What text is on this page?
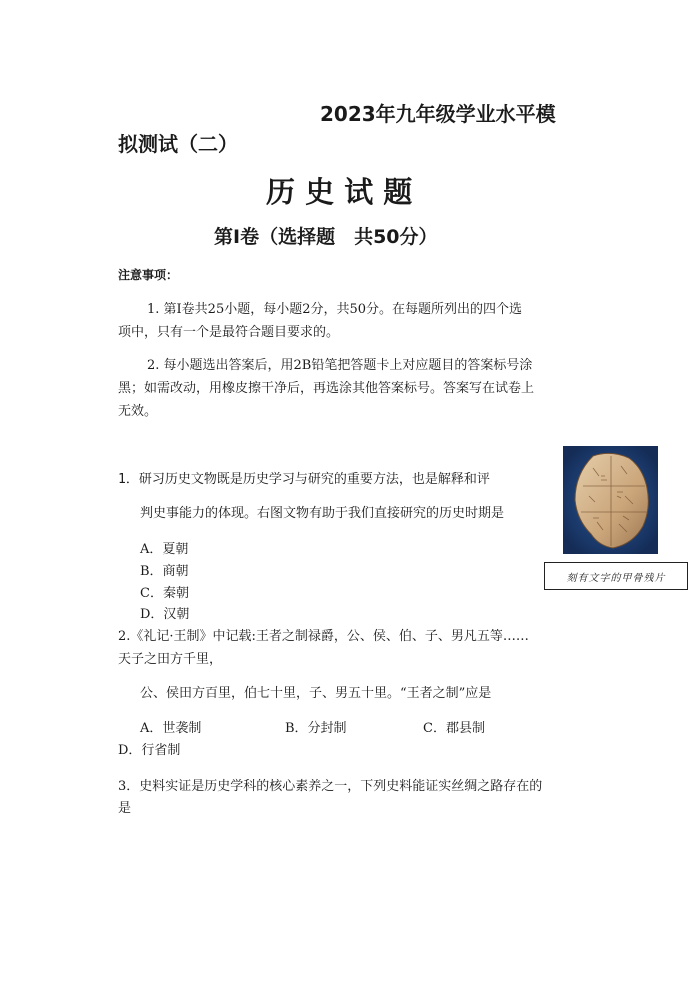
2023年九年级学业水平模
拟测试（二）
历 史 试 题
第Ⅰ卷（选择题　共50分）
注意事项：
1. 第Ⅰ卷共25小题，每小题2分，共50分。在每题所列出的四个选
项中，只有一个是最符合题目要求的。
2. 每小题选出答案后，用2B铅笔把答题卡上对应题目的答案标号涂
黑；如需改动，用橡皮擦干净后，再选涂其他答案标号。答案写在试卷上
无效。
刻有文字的甲骨残片
1．研习历史文物既是历史学习与研究的重要方法，也是解释和评
判史事能力的体现。右图文物有助于我们直接研究的历史时期是
A．夏朝
B．商朝
C．秦朝
D．汉朝
2.《礼记·王制》中记载:王者之制禄爵，公、侯、伯、子、男凡五等……
天子之田方千里，
公、侯田方百里，伯七十里，子、男五十里。“王者之制”应是
A．世袭制	B．分封制	C．郡县制
D．行省制
3．史料实证是历史学科的核心素养之一，下列史料能证实丝绸之路存在的
是
